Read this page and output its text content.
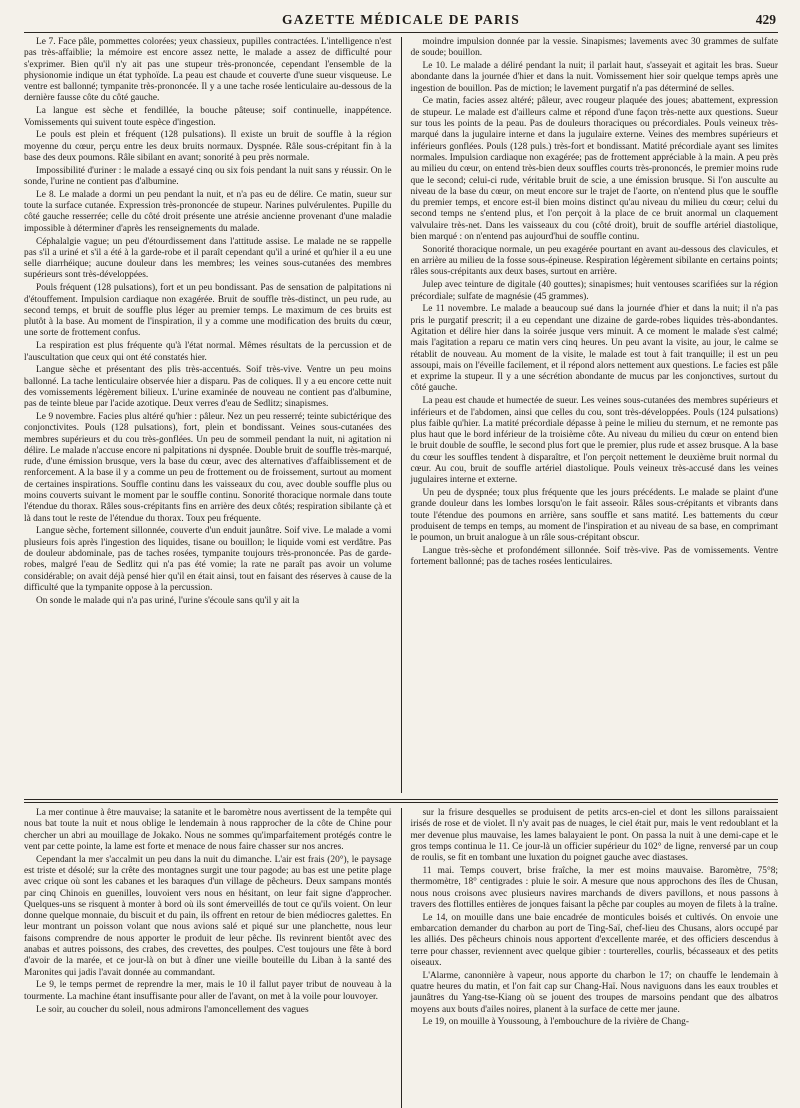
GAZETTE MÉDICALE DE PARIS	429

Le 7. Face pâle, pommettes colorées; yeux chassieux, pupilles contractées. L'intelligence n'est pas très-affaiblie; la mémoire est encore assez nette, le malade a assez de difficulté pour s'exprimer. Bien qu'il n'y ait pas une stupeur très-prononcée, cependant l'ensemble de la physionomie indique un état typhoïde. La peau est chaude et couverte d'une sueur visqueuse. Le ventre est ballonné; tympanite très-prononcée. Il y a une tache rosée lenticulaire au-dessous de la dernière fausse côte du côté gauche.

La langue est sèche et fendillée, la bouche pâteuse; soif continuelle, inappétence. Vomissements qui suivent toute espèce d'ingestion.

Le pouls est plein et fréquent (128 pulsations). Il existe un bruit de souffle à la région moyenne du cœur, perçu entre les deux bruits normaux. Dyspnée. Râle sous-crépitant fin à la base des deux poumons. Râle sibilant en avant; sonorité à peu près normale.

Impossibilité d'uriner : le malade a essayé cinq ou six fois pendant la nuit sans y réussir. On le sonde, l'urine ne contient pas d'albumine.

Le 8. Le malade a dormi un peu pendant la nuit, et n'a pas eu de délire. Ce matin, sueur sur toute la surface cutanée. Expression très-prononcée de stupeur. Narines pulvérulentes. Pupille du côté gauche resserrée; celle du côté droit présente une atrésie ancienne provenant d'une maladie impossible à déterminer d'après les renseignements du malade.

Céphalalgie vague; un peu d'étourdissement dans l'attitude assise. Le malade ne se rappelle pas s'il a uriné et s'il a été à la garde-robe et il paraît cependant qu'il a uriné et qu'hier il a eu une selle diarrhéique; aucune douleur dans les membres; les veines sous-cutanées des membres supérieurs sont très-développées.

Pouls fréquent (128 pulsations), fort et un peu bondissant. Pas de sensation de palpitations ni d'étouffement. Impulsion cardiaque non exagérée. Bruit de souffle très-distinct, un peu rude, au second temps, et bruit de souffle plus léger au premier temps. Le maximum de ces bruits est plutôt à la base. Au moment de l'inspiration, il y a comme une modification des bruits du cœur, une sorte de frottement confus.

La respiration est plus fréquente qu'à l'état normal. Mêmes résultats de la percussion et de l'auscultation que ceux qui ont été constatés hier.

Langue sèche et présentant des plis très-accentués. Soif très-vive. Ventre un peu moins ballonné. La tache lenticulaire observée hier a disparu. Pas de coliques. Il y a eu encore cette nuit des vomissements légèrement bilieux. L'urine examinée de nouveau ne contient pas d'albumine, pas de teinte bleue par l'acide azotique. Deux verres d'eau de Sedlitz; sinapismes.

Le 9 novembre. Facies plus altéré qu'hier : pâleur. Nez un peu resserré; teinte subictérique des conjonctivites. Pouls (128 pulsations), fort, plein et bondissant. Veines sous-cutanées des membres supérieurs et du cou très-gonflées. Un peu de sommeil pendant la nuit, ni agitation ni délire. Le malade n'accuse encore ni palpitations ni dyspnée. Double bruit de souffle très-marqué, rude, d'une émission brusque, vers la base du cœur, avec des alternatives d'affaiblissement et de renforcement. A la base il y a comme un peu de frottement ou de froissement, surtout au moment de certaines inspirations. Souffle continu dans les vaisseaux du cou, avec double souffle plus ou moins couverts suivant le moment par le souffle continu. Sonorité thoracique normale dans toute l'étendue du thorax. Râles sous-crépitants fins en arrière des deux côtés; respiration sibilante çà et là dans tout le reste de l'étendue du thorax. Toux peu fréquente.

Langue sèche, fortement sillonnée, couverte d'un enduit jaunâtre. Soif vive. Le malade a vomi plusieurs fois après l'ingestion des liquides, tisane ou bouillon; le liquide vomi est verdâtre. Pas de douleur abdominale, pas de taches rosées, tympanite toujours très-prononcée. Pas de garde-robes, malgré l'eau de Sedlitz qui n'a pas été vomie; la rate ne paraît pas avoir un volume considérable; on avait déjà pensé hier qu'il en était ainsi, tout en faisant des réserves à cause de la difficulté que la tympanite oppose à la percussion.

On sonde le malade qui n'a pas uriné, l'urine s'écoule sans qu'il y ait la

moindre impulsion donnée par la vessie. Sinapismes; lavements avec 30 grammes de sulfate de soude; bouillon.

Le 10. Le malade a déliré pendant la nuit; il parlait haut, s'asseyait et agitait les bras. Sueur abondante dans la journée d'hier et dans la nuit. Vomissement hier soir quelque temps après une ingestion de bouillon. Pas de miction; le lavement purgatif n'a pas déterminé de selles.

Ce matin, facies assez altéré; pâleur, avec rougeur plaquée des joues; abattement, expression de stupeur. Le malade est d'ailleurs calme et répond d'une façon très-nette aux questions. Sueur sur tous les points de la peau. Pas de douleurs thoraciques ou précordiales. Pouls veineux très-marqué dans la jugulaire interne et dans la jugulaire externe. Veines des membres supérieurs et inférieurs gonflées. Pouls (128 puls.) très-fort et bondissant. Matité précordiale ayant ses limites normales. Impulsion cardiaque non exagérée; pas de frottement appréciable à la main. A peu près au milieu du cœur, on entend très-bien deux souffles courts très-prononcés, le premier moins rude que le second; celui-ci rude, véritable bruit de scie, a une émission brusque. Si l'on ausculte au niveau de la base du cœur, on meut encore sur le trajet de l'aorte, on n'entend plus que le souffle du premier temps, et encore est-il bien moins distinct qu'au niveau du milieu du cœur; celui du second temps ne s'entend plus, et l'on perçoit à la place de ce bruit anormal un claquement valvulaire très-net. Dans les vaisseaux du cou (côté droit), bruit de souffle artériel diastolique, bien marqué : on n'entend pas aujourd'hui de souffle continu.

Sonorité thoracique normale, un peu exagérée pourtant en avant au-dessous des clavicules, et en arrière au milieu de la fosse sous-épineuse. Respiration légèrement sibilante en certains points; râles sous-crépitants aux deux bases, surtout en arrière.

Julep avec teinture de digitale (40 gouttes); sinapismes; huit ventouses scarifiées sur la région précordiale; sulfate de magnésie (45 grammes).

Le 11 novembre. Le malade a beaucoup sué dans la journée d'hier et dans la nuit; il n'a pas pris le purgatif prescrit; il a eu cependant une dizaine de garde-robes liquides très-abondantes. Agitation et délire hier dans la soirée jusque vers minuit. A ce moment le malade s'est calmé; mais l'agitation a reparu ce matin vers cinq heures. Un peu avant la visite, au jour, le calme se rétablit de nouveau. Au moment de la visite, le malade est tout à fait tranquille; il est un peu assoupi, mais on l'éveille facilement, et il répond alors nettement aux questions. Le facies est pâle et exprime la stupeur. Il y a une sécrétion abondante de mucus par les conjonctives, surtout du côté gauche.

La peau est chaude et humectée de sueur. Les veines sous-cutanées des membres supérieurs et inférieurs et de l'abdomen, ainsi que celles du cou, sont très-développées. Pouls (124 pulsations) plus faible qu'hier. La matité précordiale dépasse à peine le milieu du sternum, et ne remonte pas plus haut que le bord inférieur de la troisième côte. Au niveau du milieu du cœur on entend bien le bruit double de souffle, le second plus fort que le premier, plus rude et assez brusque. A la base du cœur les souffles tendent à disparaître, et l'on perçoit nettement le deuxième bruit normal du cœur. Au cou, bruit de souffle artériel diastolique. Pouls veineux très-accusé dans les veines jugulaires interne et externe.

Un peu de dyspnée; toux plus fréquente que les jours précédents. Le malade se plaint d'une grande douleur dans les lombes lorsqu'on le fait asseoir. Râles sous-crépitants et vibrants dans toute l'étendue des poumons en arrière, sans souffle et sans matité. Les battements du cœur produisent de temps en temps, au moment de l'inspiration et au niveau de sa base, en comprimant le poumon, un bruit analogue à un râle sous-crépitant obscur.

Langue très-sèche et profondément sillonnée. Soif très-vive. Pas de vomissements. Ventre fortement ballonné; pas de taches rosées lenticulaires.

La mer continue à être mauvaise; la satanite et le baromètre nous avertissent de la tempête qui nous bat toute la nuit et nous oblige le lendemain à nous rapprocher de la côte de Chine pour chercher un abri au mouillage de Jokako. Nous ne sommes qu'imparfaitement protégés contre le vent par cette pointe, la lame est forte et menace de nous faire chasser sur nos ancres.

Cependant la mer s'accalmit un peu dans la nuit du dimanche. L'air est frais (20°), le paysage est triste et désolé; sur la crête des montagnes surgit une tour pagode; au bas est une petite plage avec crique où sont les cabanes et les baraques d'un village de pêcheurs. Deux sampans montés par cinq Chinois en guenilles, louvoient vers nous en hésitant, on leur fait signe d'approcher. Quelques-uns se risquent à monter à bord où ils sont émerveillés de tout ce qu'ils voient. On leur donne quelque monnaie, du biscuit et du pain, ils offrent en retour de bien médiocres galettes. En leur montrant un poisson volant que nous avions salé et piqué sur une planchette, nous leur faisons comprendre de nous apporter le produit de leur pêche. Ils revinrent bientôt avec des anabas et autres poissons, des crabes, des crevettes, des poulpes. C'est toujours une fête à bord d'avoir de la marée, et ce jour-là on but à dîner une vieille bouteille du Liban à la santé des Maronites qui jadis l'avait donnée au commandant.

Le 9, le temps permet de reprendre la mer, mais le 10 il fallut payer tribut de nouveau à la tourmente. La machine étant insuffisante pour aller de l'avant, on met à la voile pour louvoyer.

Le soir, au coucher du soleil, nous admirons l'amoncellement des vagues

sur la frisure desquelles se produisent de petits arcs-en-ciel et dont les sillons paraissaient irisés de rose et de violet. Il n'y avait pas de nuages, le ciel était pur, mais le vent redoublant et la mer devenue plus mauvaise, les lames balayaient le pont. On passa la nuit à une demi-cape et le gros temps continua le 11. Ce jour-là un officier supérieur du 102° de ligne, renversé par un coup de roulis, se fit en tombant une luxation du poignet gauche avec diastases.

11 mai. Temps couvert, brise fraîche, la mer est moins mauvaise. Baromètre, 75°8; thermomètre, 18° centigrades : pluie le soir. A mesure que nous approchons des îles de Chusan, nous nous croisons avec plusieurs navires marchands de divers pavillons, et nous passons à travers des flottilles entières de jonques faisant la pêche par couples au moyen de filets à la traîne.

Le 14, on mouille dans une baie encadrée de monticules boisés et cultivés. On envoie une embarcation demander du charbon au port de Ting-Saï, chef-lieu des Chusans, alors occupé par les alliés. Des pêcheurs chinois nous apportent d'excellente marée, et des officiers descendus à terre pour chasser, reviennent avec quelque gibier : tourterelles, courlis, bécasseaux et des petits oiseaux.

L'Alarme, canonnière à vapeur, nous apporte du charbon le 17; on chauffe le lendemain à quatre heures du matin, et l'on fait cap sur Chang-Haï. Nous naviguons dans les eaux troubles et jaunâtres du Yang-tse-Kiang où se jouent des troupes de marsoins pendant que des albatros moyens aux bouts d'ailes noires, planent à la surface de cette mer jaune.

Le 19, on mouille à Youssoung, à l'embouchure de la rivière de Chang-
